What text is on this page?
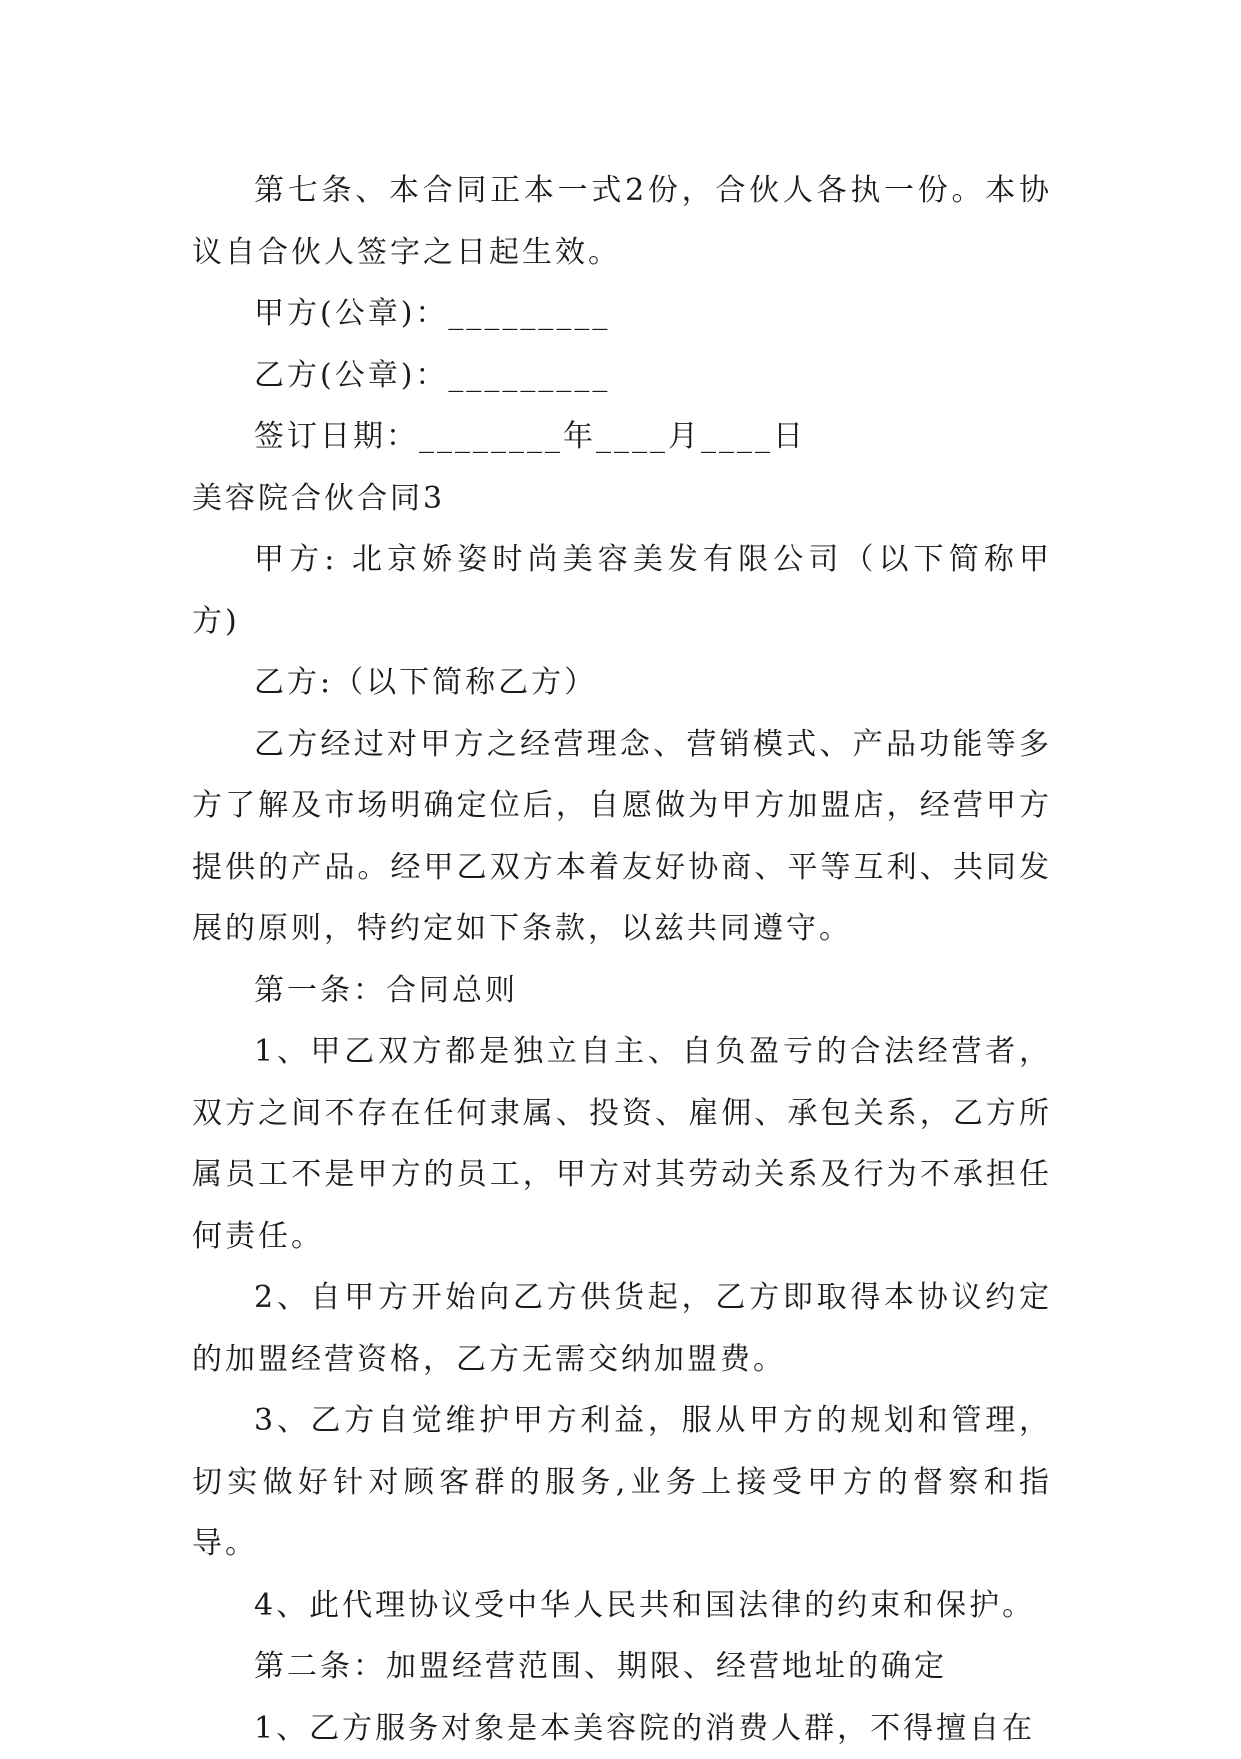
第七条、本合同正本一式2份，合伙人各执一份。本协议自合伙人签字之日起生效。

甲方(公章)：_________

乙方(公章)：_________

签订日期：________年____月____日

美容院合伙合同3

甲方: 北京娇姿时尚美容美发有限公司（以下简称甲方)

乙方:（以下简称乙方）

乙方经过对甲方之经营理念、营销模式、产品功能等多方了解及市场明确定位后，自愿做为甲方加盟店，经营甲方提供的产品。经甲乙双方本着友好协商、平等互利、共同发展的原则，特约定如下条款，以兹共同遵守。

第一条：合同总则

1、甲乙双方都是独立自主、自负盈亏的合法经营者，双方之间不存在任何隶属、投资、雇佣、承包关系，乙方所属员工不是甲方的员工，甲方对其劳动关系及行为不承担任何责任。

2、自甲方开始向乙方供货起，乙方即取得本协议约定的加盟经营资格，乙方无需交纳加盟费。

3、乙方自觉维护甲方利益，服从甲方的规划和管理，切实做好针对顾客群的服务,业务上接受甲方的督察和指导。

4、此代理协议受中华人民共和国法律的约束和保护。

第二条：加盟经营范围、期限、经营地址的确定

1、乙方服务对象是本美容院的消费人群，不得擅自在
